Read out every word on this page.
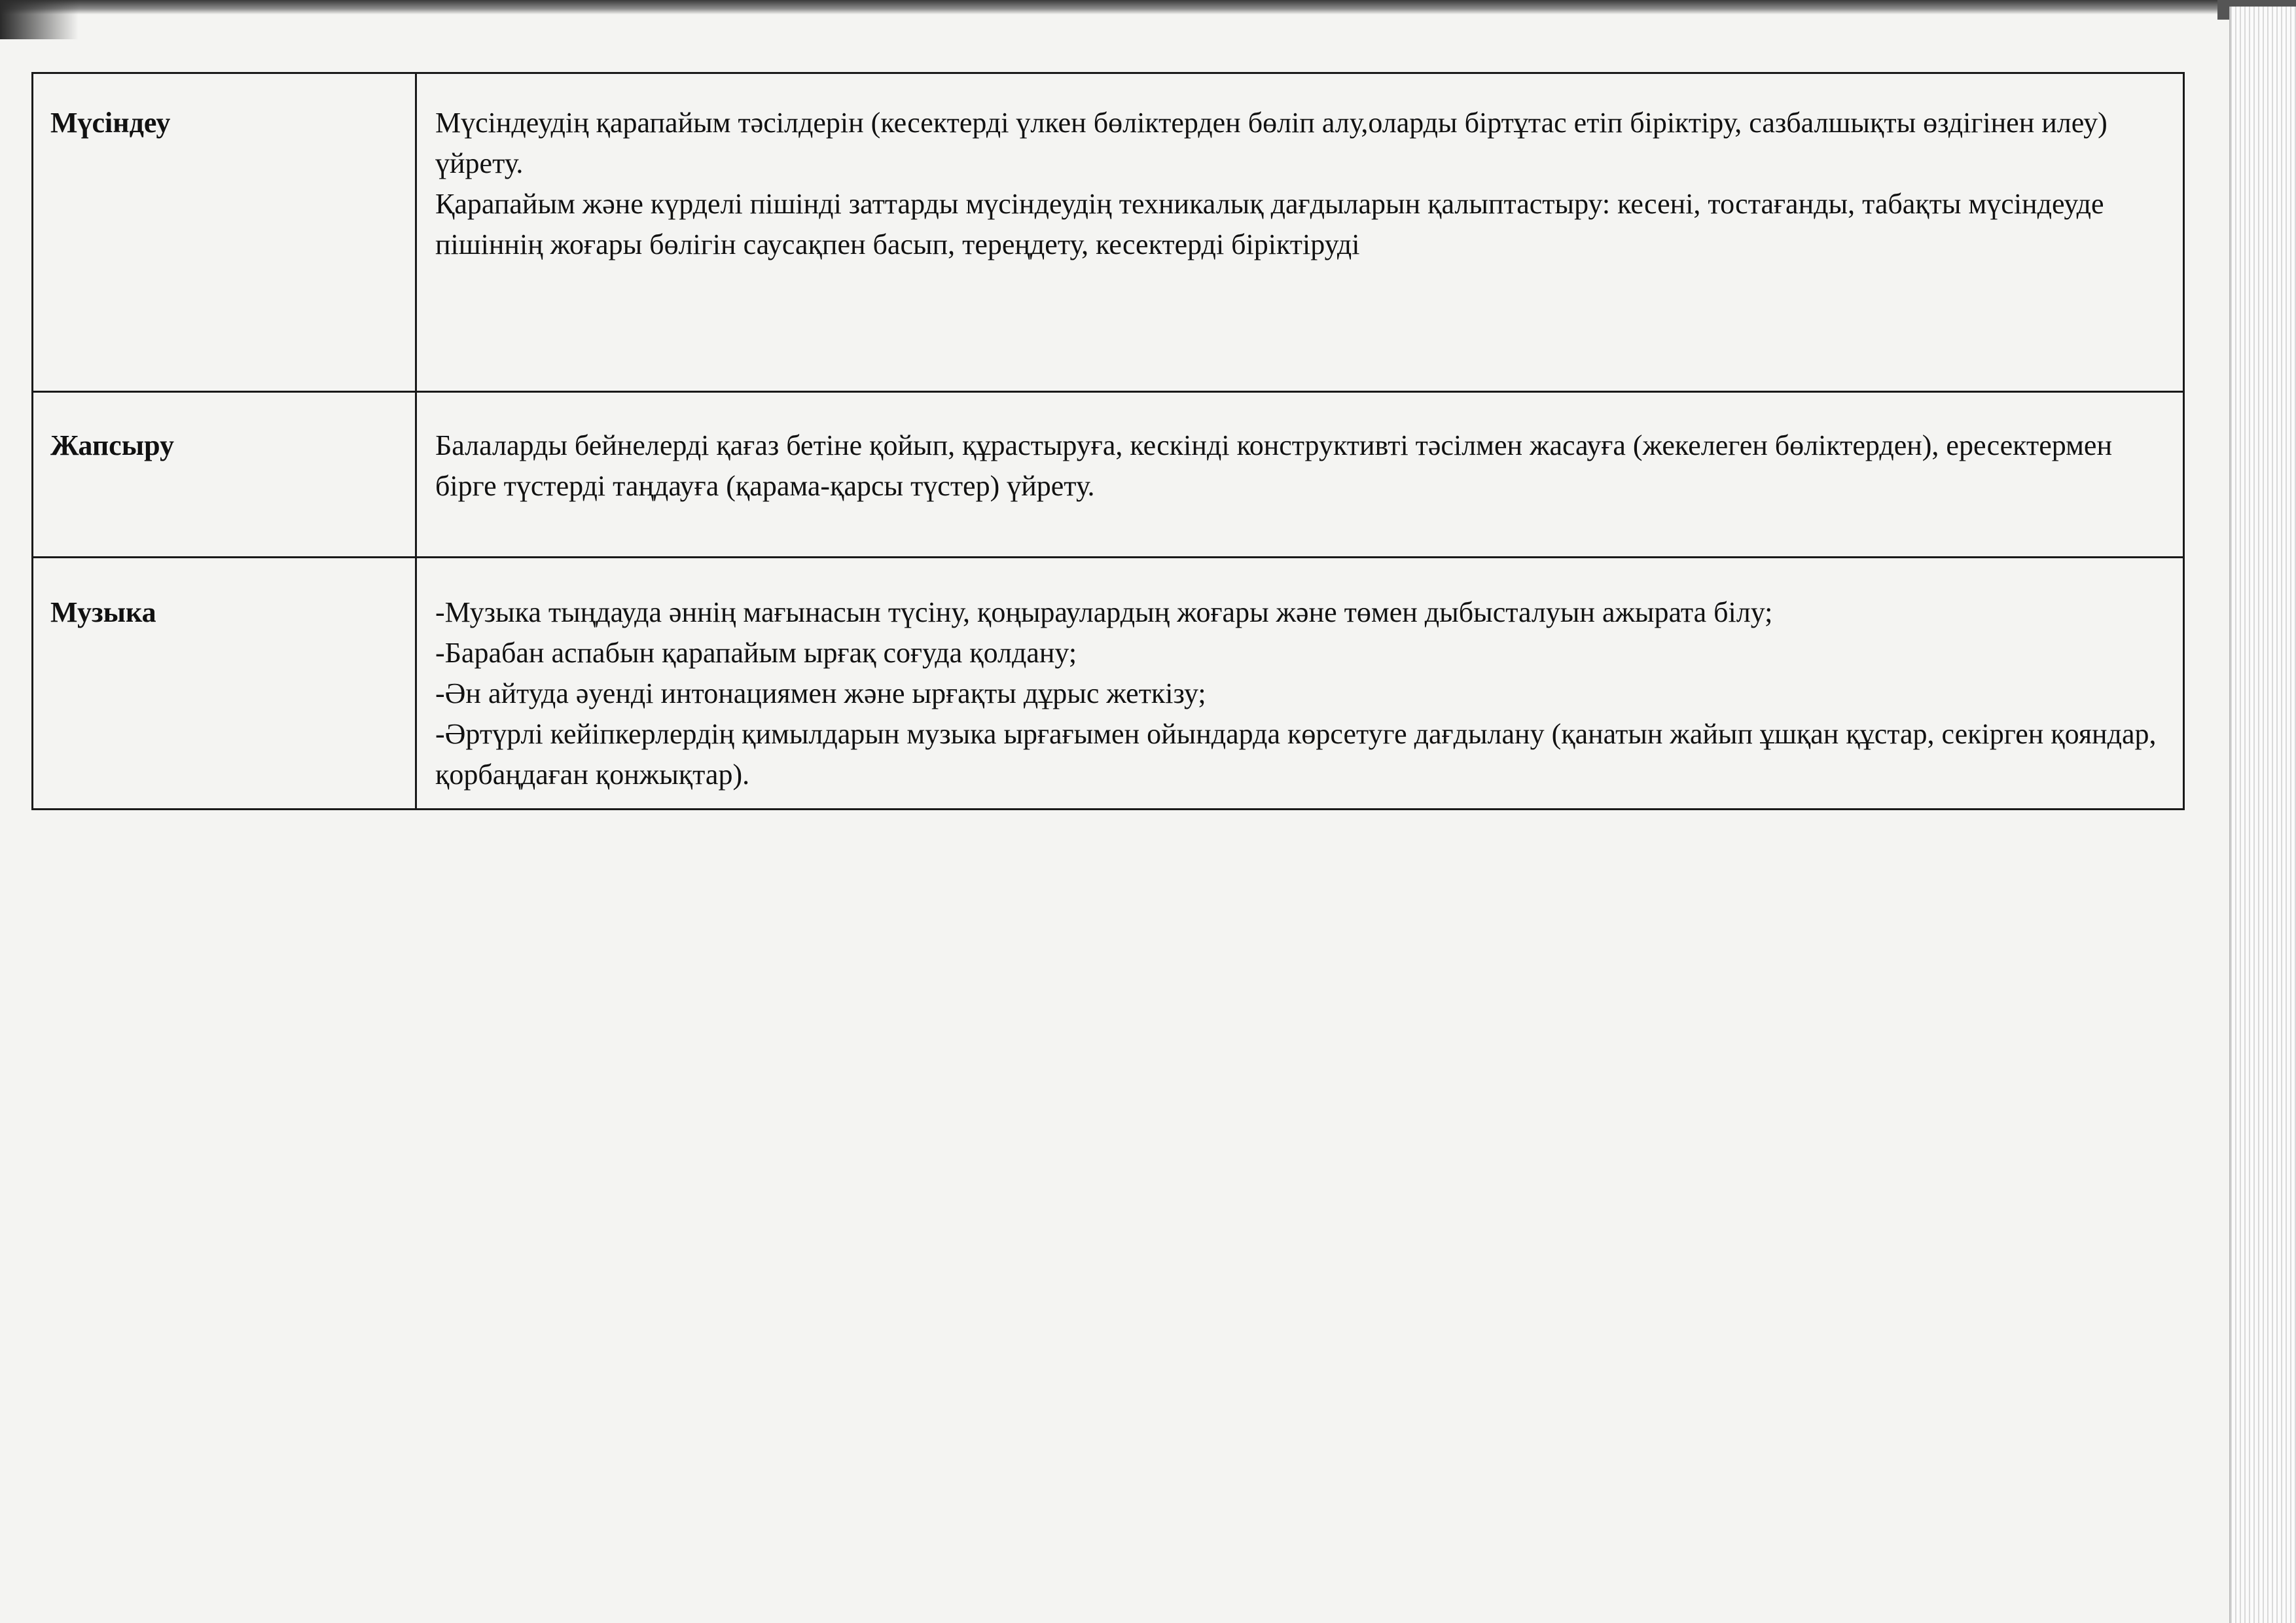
Мүсіндеу	Мүсіндеудің қарапайым тәсілдерін (кесектерді үлкен бөліктерден бөліп алу,оларды біртұтас етіп біріктіру, сазбалшықты өздігінен илеу) үйрету.

Қарапайым және күрделі пішінді заттарды мүсіндеудің техникалық дағдыларын қалыптастыру: кесені, тостағанды, табақты мүсіндеуде пішіннің жоғары бөлігін саусақпен басып, тереңдету, кесектерді біріктіруді

Жапсыру	Балаларды бейнелерді қағаз бетіне қойып, құрастыруға, кескінді конструктивті тәсілмен жасауға (жекелеген бөліктерден), ересектермен бірге түстерді таңдауға (қарама-қарсы түстер) үйрету.

Музыка	-Музыка тыңдауда әннің мағынасын түсіну, қоңыраулардың жоғары және төмен дыбысталуын ажырата білу;

-Барабан аспабын қарапайым ырғақ соғуда қолдану;

-Ән айтуда әуенді интонациямен және ырғақты дұрыс жеткізу;

-Әртүрлі кейіпкерлердің қимылдарын музыка ырғағымен ойындарда көрсетуге дағдылану (қанатын жайып ұшқан құстар, секірген қояндар, қорбаңдаған қонжықтар).
